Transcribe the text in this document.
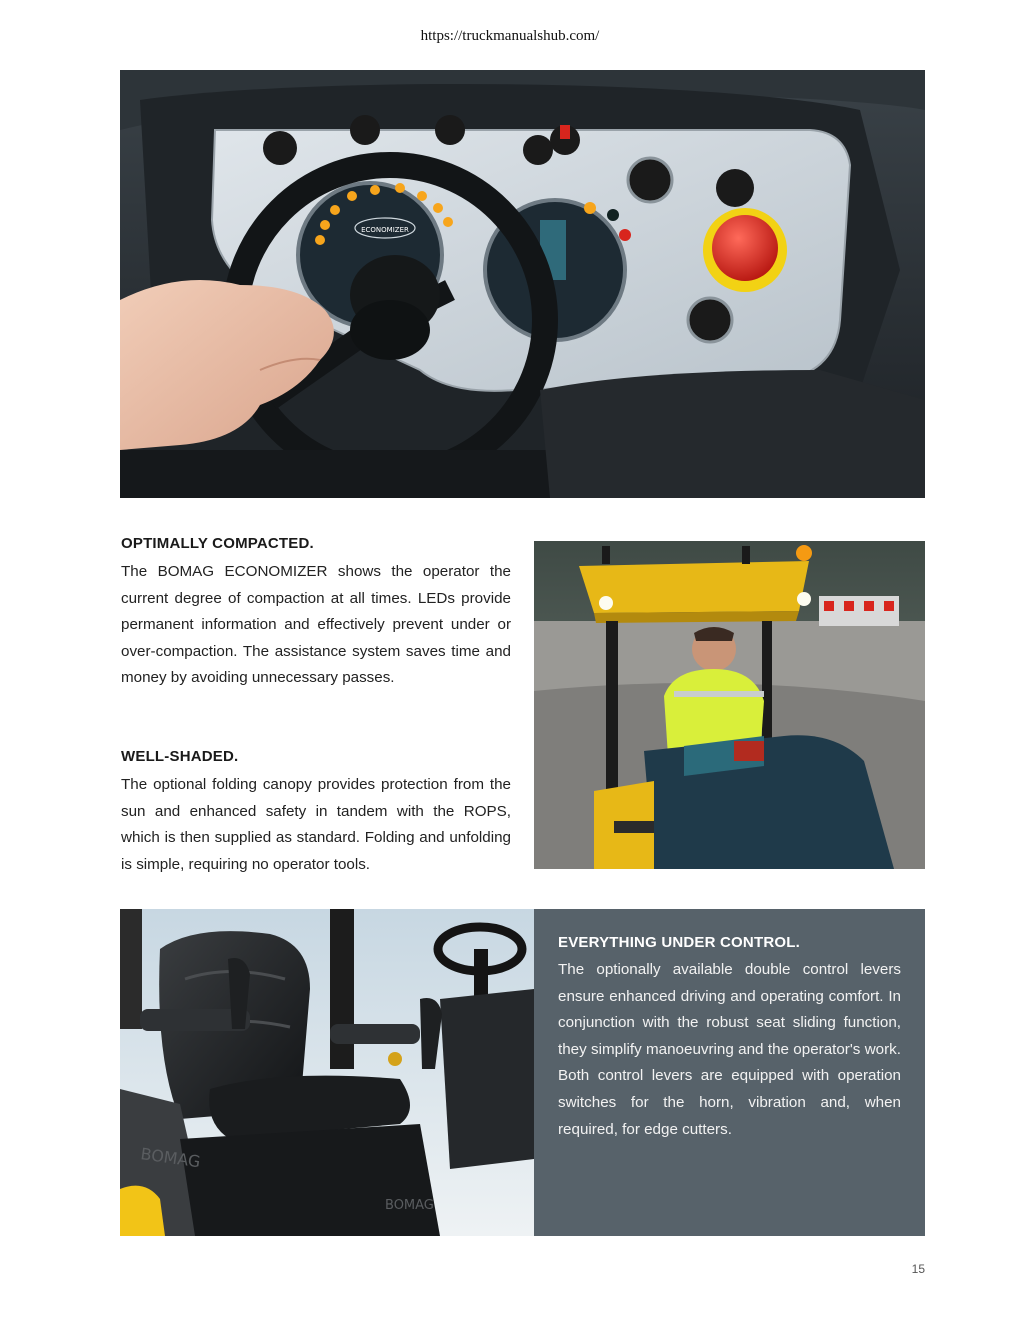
https://truckmanualshub.com/
ECONOMIZER
OPTIMALLY COMPACTED.

The BOMAG ECONOMIZER shows the operator the current degree of compaction at all times. LEDs provide permanent information and effectively prevent under or over-compaction. The assistance system saves time and money by avoiding unnecessary passes.

WELL-SHADED.

The optional folding canopy provides protection from the sun and enhanced safety in tandem with the ROPS, which is then supplied as standard. Folding and unfolding is simple, requiring no operator tools.

BOMAG
BOMAG
EVERYTHING UNDER CONTROL.

The optionally available double control levers ensure enhanced driving and operating comfort. In conjunction with the robust seat sliding function, they simplify manoeuvring and the operator's work. Both control levers are equipped with operation switches for the horn, vibration and, when required, for edge cutters.

15
